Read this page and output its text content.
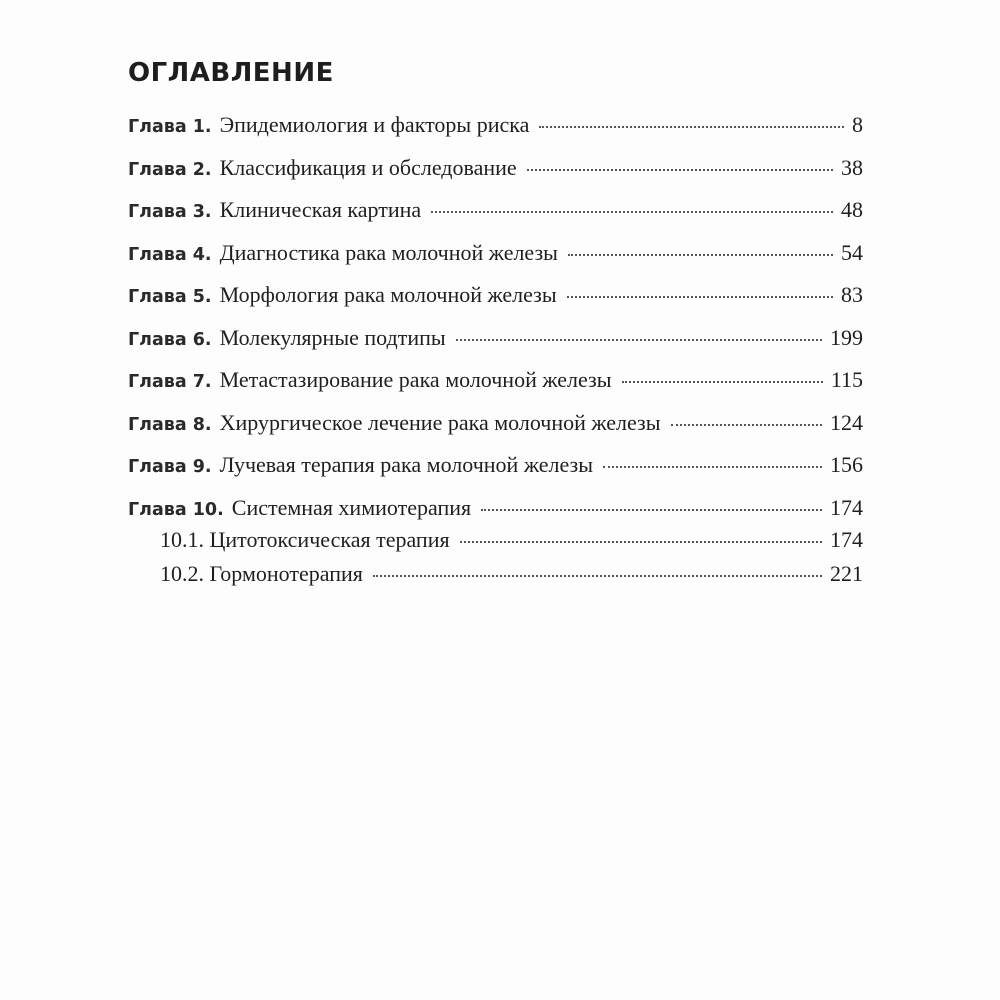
ОГЛАВЛЕНИЕ
Глава 1. Эпидемиология и факторы риска	8
Глава 2. Классификация и обследование	38
Глава 3. Клиническая картина	48
Глава 4. Диагностика рака молочной железы	54
Глава 5. Морфология рака молочной железы	83
Глава 6. Молекулярные подтипы	199
Глава 7. Метастазирование рака молочной железы	115
Глава 8. Хирургическое лечение рака молочной железы	124
Глава 9. Лучевая терапия рака молочной железы	156
Глава 10. Системная химиотерапия	174
10.1. Цитотоксическая терапия	174
10.2. Гормонотерапия	221
